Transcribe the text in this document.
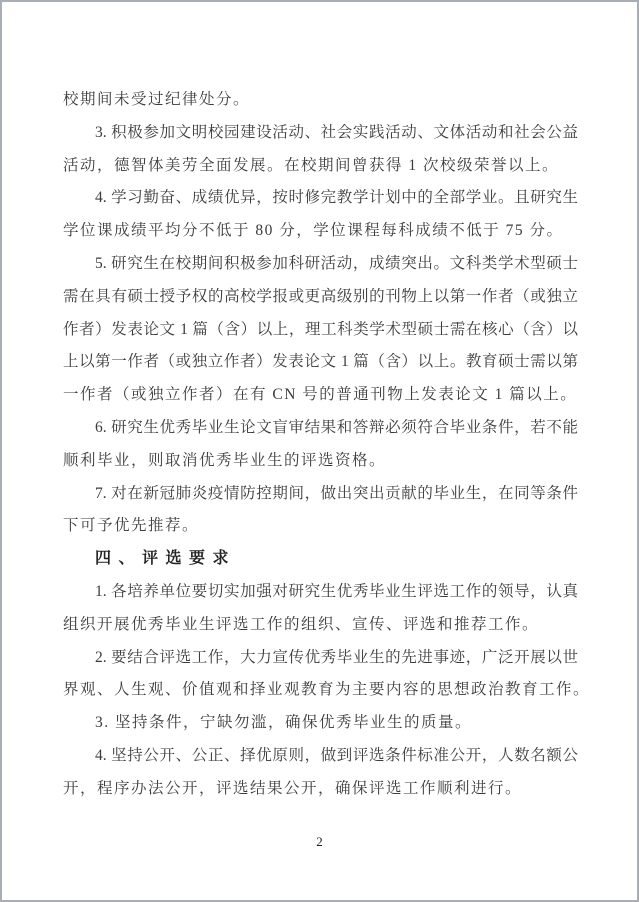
校期间未受过纪律处分。
3. 积极参加文明校园建设活动、社会实践活动、文体活动和社会公益
活动，德智体美劳全面发展。在校期间曾获得 1 次校级荣誉以上。
4. 学习勤奋、成绩优异，按时修完教学计划中的全部学业。且研究生
学位课成绩平均分不低于 80 分，学位课程每科成绩不低于 75 分。
5. 研究生在校期间积极参加科研活动，成绩突出。文科类学术型硕士
需在具有硕士授予权的高校学报或更高级别的刊物上以第一作者（或独立
作者）发表论文 1 篇（含）以上，理工科类学术型硕士需在核心（含）以
上以第一作者（或独立作者）发表论文 1 篇（含）以上。教育硕士需以第
一作者（或独立作者）在有 CN 号的普通刊物上发表论文 1 篇以上。
6. 研究生优秀毕业生论文盲审结果和答辩必须符合毕业条件，若不能
顺利毕业，则取消优秀毕业生的评选资格。
7. 对在新冠肺炎疫情防控期间，做出突出贡献的毕业生，在同等条件
下可予优先推荐。
四、评选要求
1. 各培养单位要切实加强对研究生优秀毕业生评选工作的领导，认真
组织开展优秀毕业生评选工作的组织、宣传、评选和推荐工作。
2. 要结合评选工作，大力宣传优秀毕业生的先进事迹，广泛开展以世
界观、人生观、价值观和择业观教育为主要内容的思想政治教育工作。
3. 坚持条件，宁缺勿滥，确保优秀毕业生的质量。
4. 坚持公开、公正、择优原则，做到评选条件标准公开，人数名额公
开，程序办法公开，评选结果公开，确保评选工作顺利进行。
2
